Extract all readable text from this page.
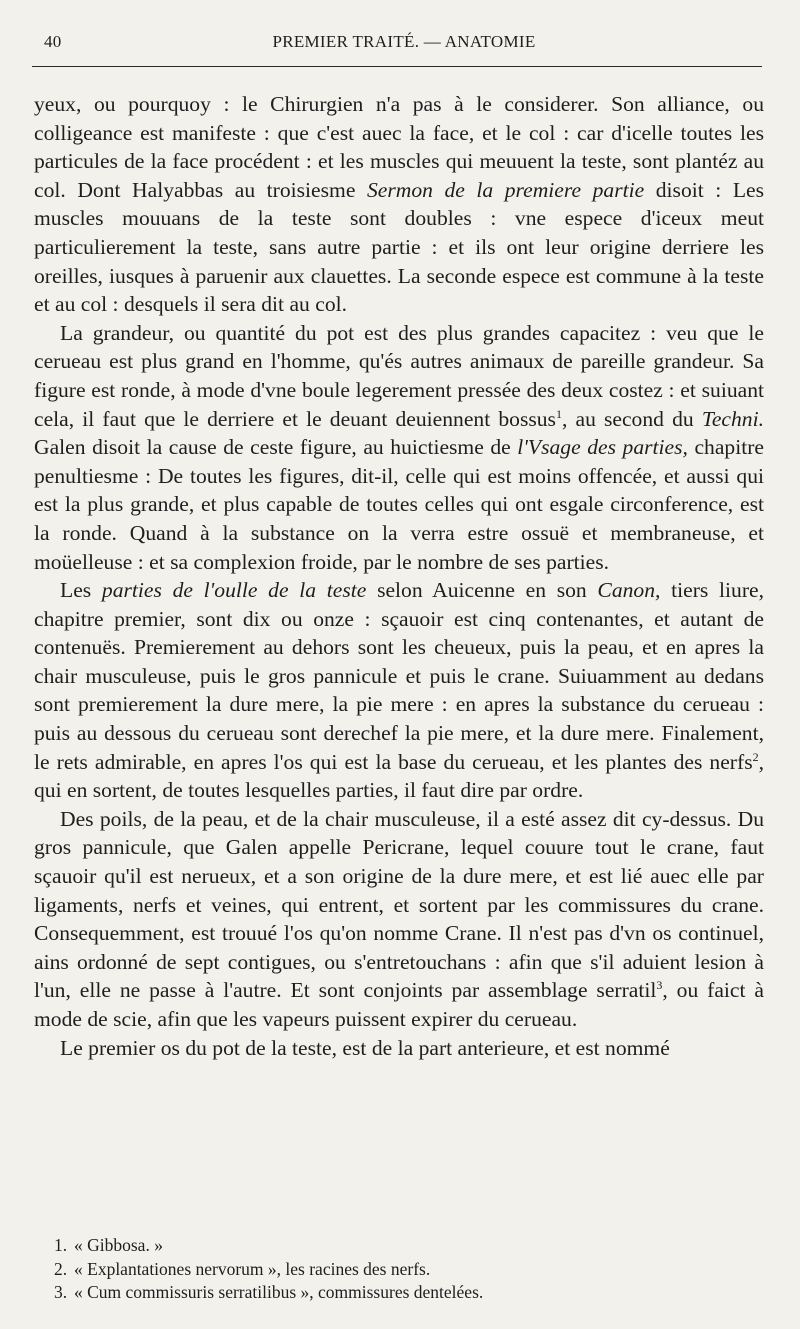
40	PREMIER TRAITÉ. — ANATOMIE

yeux, ou pourquoy : le Chirurgien n'a pas à le considerer. Son alliance, ou colligeance est manifeste : que c'est auec la face, et le col : car d'icelle toutes les particules de la face procédent : et les muscles qui meuuent la teste, sont plantéz au col. Dont Halyabbas au troisiesme Sermon de la premiere partie disoit : Les muscles mouuans de la teste sont doubles : vne espece d'iceux meut particulierement la teste, sans autre partie : et ils ont leur origine derriere les oreilles, iusques à paruenir aux clauettes. La seconde espece est commune à la teste et au col : desquels il sera dit au col.

La grandeur, ou quantité du pot est des plus grandes capacitez : veu que le cerueau est plus grand en l'homme, qu'és autres animaux de pareille grandeur. Sa figure est ronde, à mode d'vne boule legerement pressée des deux costez : et suiuant cela, il faut que le derriere et le deuant deuiennent bossus$^1$, au second du Techni. Galen disoit la cause de ceste figure, au huictiesme de l'Vsage des parties, chapitre penultiesme : De toutes les figures, dit-il, celle qui est moins offencée, et aussi qui est la plus grande, et plus capable de toutes celles qui ont esgale circonference, est la ronde. Quand à la substance on la verra estre ossuë et membraneuse, et moüelleuse : et sa complexion froide, par le nombre de ses parties.

Les parties de l'oulle de la teste selon Auicenne en son Canon, tiers liure, chapitre premier, sont dix ou onze : sçauoir est cinq contenantes, et autant de contenuës. Premierement au dehors sont les cheueux, puis la peau, et en apres la chair musculeuse, puis le gros pannicule et puis le crane. Suiuamment au dedans sont premierement la dure mere, la pie mere : en apres la substance du cerueau : puis au dessous du cerueau sont derechef la pie mere, et la dure mere. Finalement, le rets admirable, en apres l'os qui est la base du cerueau, et les plantes des nerfs$^2$, qui en sortent, de toutes lesquelles parties, il faut dire par ordre.

Des poils, de la peau, et de la chair musculeuse, il a esté assez dit cy-dessus. Du gros pannicule, que Galen appelle Pericrane, lequel couure tout le crane, faut sçauoir qu'il est nerueux, et a son origine de la dure mere, et est lié auec elle par ligaments, nerfs et veines, qui entrent, et sortent par les commissures du crane. Consequemment, est trouué l'os qu'on nomme Crane. Il n'est pas d'vn os continuel, ains ordonné de sept contigues, ou s'entretouchans : afin que s'il aduient lesion à l'un, elle ne passe à l'autre. Et sont conjoints par assemblage serratil$^3$, ou faict à mode de scie, afin que les vapeurs puissent expirer du cerueau.

Le premier os du pot de la teste, est de la part anterieure, et est nommé

1. « Gibbosa. »
2. « Explantationes nervorum », les racines des nerfs.
3. « Cum commissuris serratilibus », commissures dentelées.
